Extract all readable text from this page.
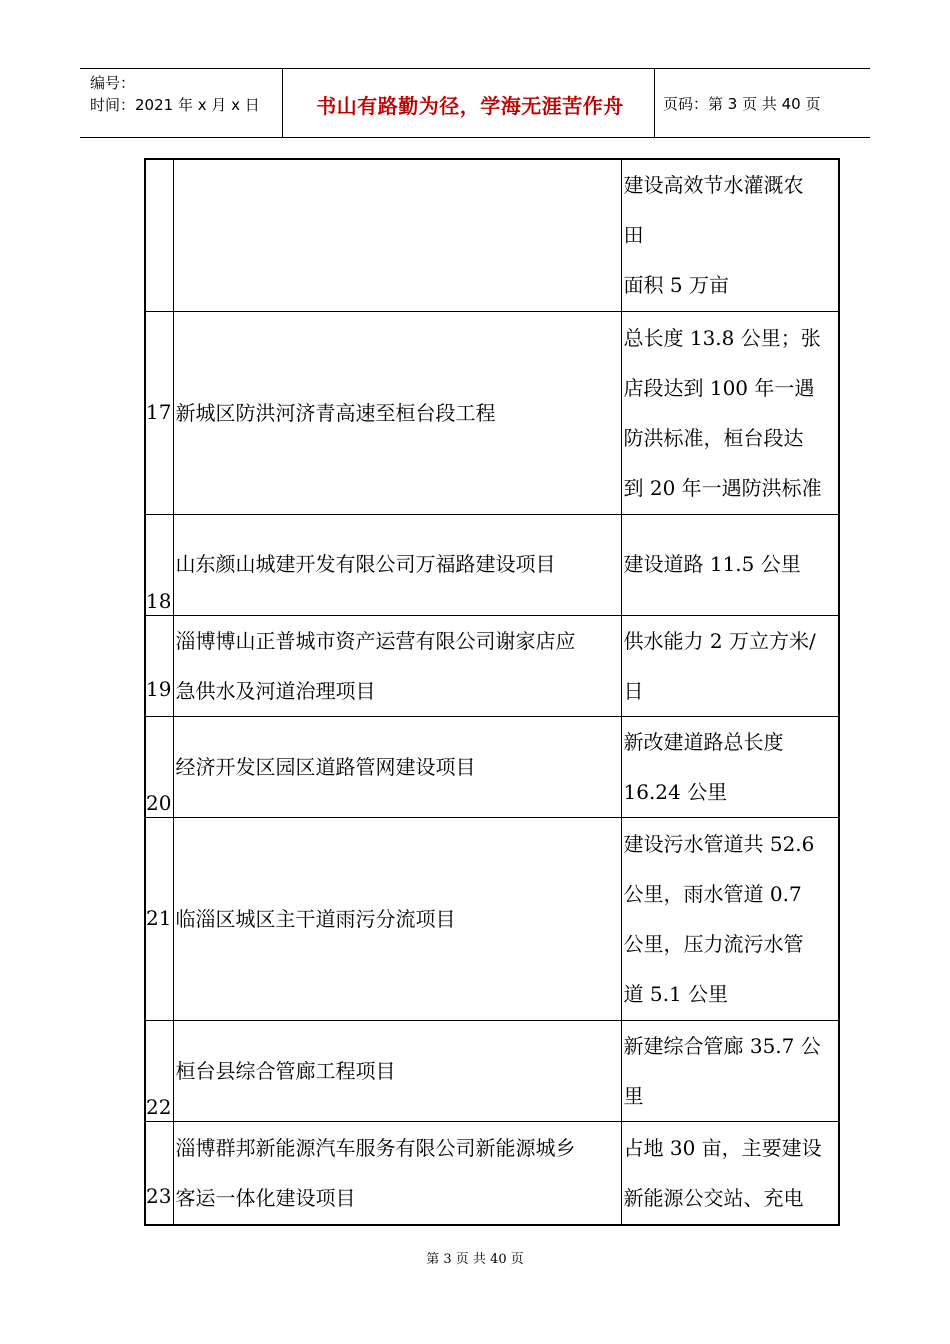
编号：
时间：2021 年 x 月 x 日	书山有路勤为径，学海无涯苦作舟	页码：第 3 页 共 40 页
		建设高效节水灌溉农
田
面积 5 万亩
17	新城区防洪河济青高速至桓台段工程	总长度 13.8 公里；张
店段达到 100 年一遇
防洪标准，桓台段达
到 20 年一遇防洪标准
18	山东颜山城建开发有限公司万福路建设项目	建设道路 11.5 公里
19	淄博博山正普城市资产运营有限公司谢家店应
急供水及河道治理项目	供水能力 2 万立方米/
日
20	经济开发区园区道路管网建设项目	新改建道路总长度
16.24 公里
21	临淄区城区主干道雨污分流项目	建设污水管道共 52.6
公里，雨水管道 0.7
公里，压力流污水管
道 5.1 公里
22	桓台县综合管廊工程项目	新建综合管廊 35.7 公
里
23	淄博群邦新能源汽车服务有限公司新能源城乡
客运一体化建设项目	占地 30 亩，主要建设
新能源公交站、充电
第 3 页 共 40 页
